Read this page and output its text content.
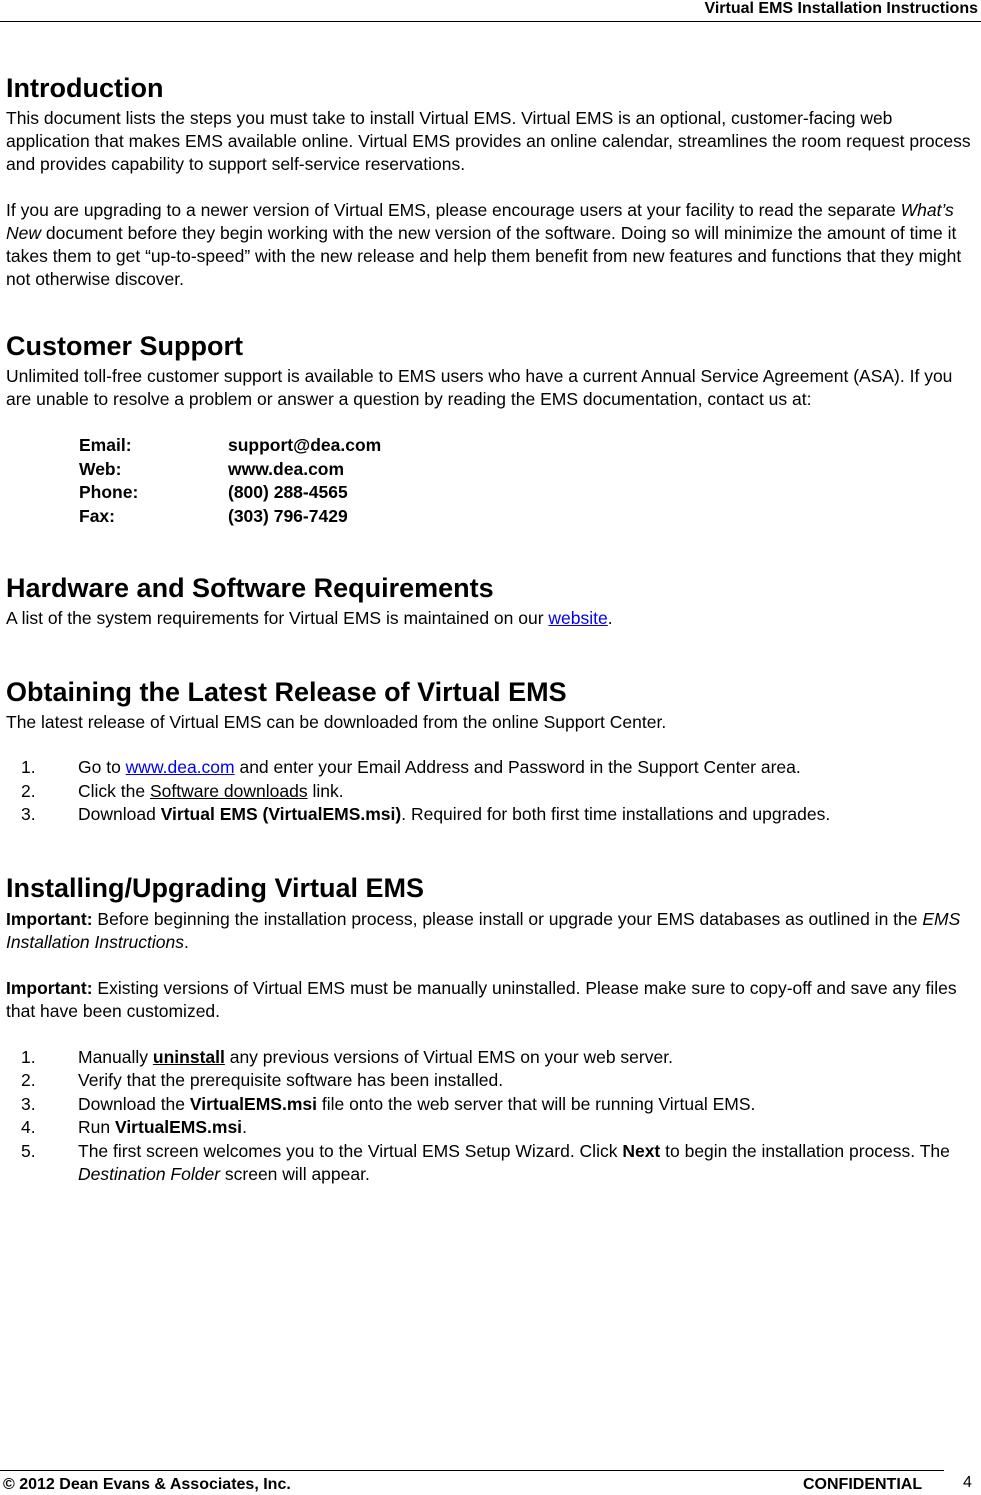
Virtual EMS Installation Instructions
Introduction

This document lists the steps you must take to install Virtual EMS. Virtual EMS is an optional, customer-facing web application that makes EMS available online. Virtual EMS provides an online calendar, streamlines the room request process and provides capability to support self-service reservations.

If you are upgrading to a newer version of Virtual EMS, please encourage users at your facility to read the separate What’s New document before they begin working with the new version of the software. Doing so will minimize the amount of time it takes them to get “up-to-speed” with the new release and help them benefit from new features and functions that they might not otherwise discover.

Customer Support

Unlimited toll-free customer support is available to EMS users who have a current Annual Service Agreement (ASA). If you are unable to resolve a problem or answer a question by reading the EMS documentation, contact us at:

Email:	support@dea.com
Web:	www.dea.com
Phone:	(800) 288-4565
Fax:	(303) 796-7429
Hardware and Software Requirements

A list of the system requirements for Virtual EMS is maintained on our website.

Obtaining the Latest Release of Virtual EMS

The latest release of Virtual EMS can be downloaded from the online Support Center.

1.	Go to www.dea.com and enter your Email Address and Password in the Support Center area.
2.	Click the Software downloads link.
3.	Download Virtual EMS (VirtualEMS.msi). Required for both first time installations and upgrades.
Installing/Upgrading Virtual EMS

Important: Before beginning the installation process, please install or upgrade your EMS databases as outlined in the EMS Installation Instructions.

Important: Existing versions of Virtual EMS must be manually uninstalled. Please make sure to copy-off and save any files that have been customized.

1.	Manually uninstall any previous versions of Virtual EMS on your web server.
2.	Verify that the prerequisite software has been installed.
3.	Download the VirtualEMS.msi file onto the web server that will be running Virtual EMS.
4.	Run VirtualEMS.msi.
5.	The first screen welcomes you to the Virtual EMS Setup Wizard. Click Next to begin the installation process. The Destination Folder screen will appear.
© 2012 Dean Evans & Associates, Inc.	CONFIDENTIAL	4
